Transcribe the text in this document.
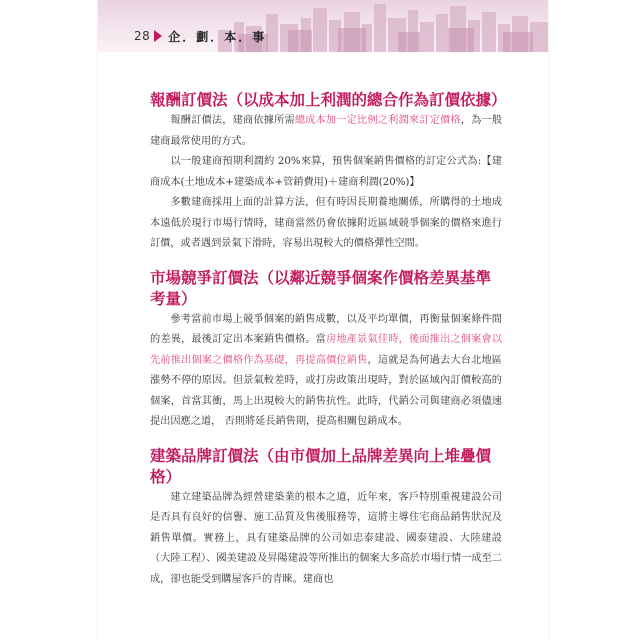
28 企．劃．本．事
報酬訂價法（以成本加上利潤的總合作為訂價依據）

報酬訂價法，建商依據所需總成本加一定比例之利潤來訂定價格，為一般建商最常使用的方式。

以一般建商預期利潤約 20%來算，預售個案銷售價格的訂定公式為:【建商成本(土地成本+建築成本+管銷費用)＋建商利潤(20%)】

多數建商採用上面的計算方法，但有時因長期養地關係，所購得的土地成本遠低於現行市場行情時，建商當然仍會依據附近區域競爭個案的價格來進行訂價，或者遇到景氣下滑時，容易出現較大的價格彈性空間。

市場競爭訂價法（以鄰近競爭個案作價格差異基準考量）

參考當前市場上競爭個案的銷售成數，以及平均單價，再衡量個案條件間的差異，最後訂定出本案銷售價格。當房地產景氣佳時，後面推出之個案會以先前推出個案之價格作為基礎，再提高價位銷售，這就是為何過去大台北地區漲勢不停的原因。但景氣較差時，或打房政策出現時，對於區域內訂價較高的個案，首當其衝，馬上出現較大的銷售抗性。此時，代銷公司與建商必須儘速提出因應之道， 否則將延長銷售期，提高相關包銷成本。

建築品牌訂價法（由市價加上品牌差異向上堆疊價格）

建立建築品牌為經營建築業的根本之道，近年來，客戶特別重視建設公司是否具有良好的信譽、施工品質及售後服務等，這將主導住宅商品銷售狀況及銷售單價。實務上，具有建築品牌的公司如忠泰建設、國泰建設、大陸建設（大陸工程）、國美建設及昇陽建設等所推出的個案大多高於市場行情一成至二成，卻也能受到購屋客戶的青睞。建商也
